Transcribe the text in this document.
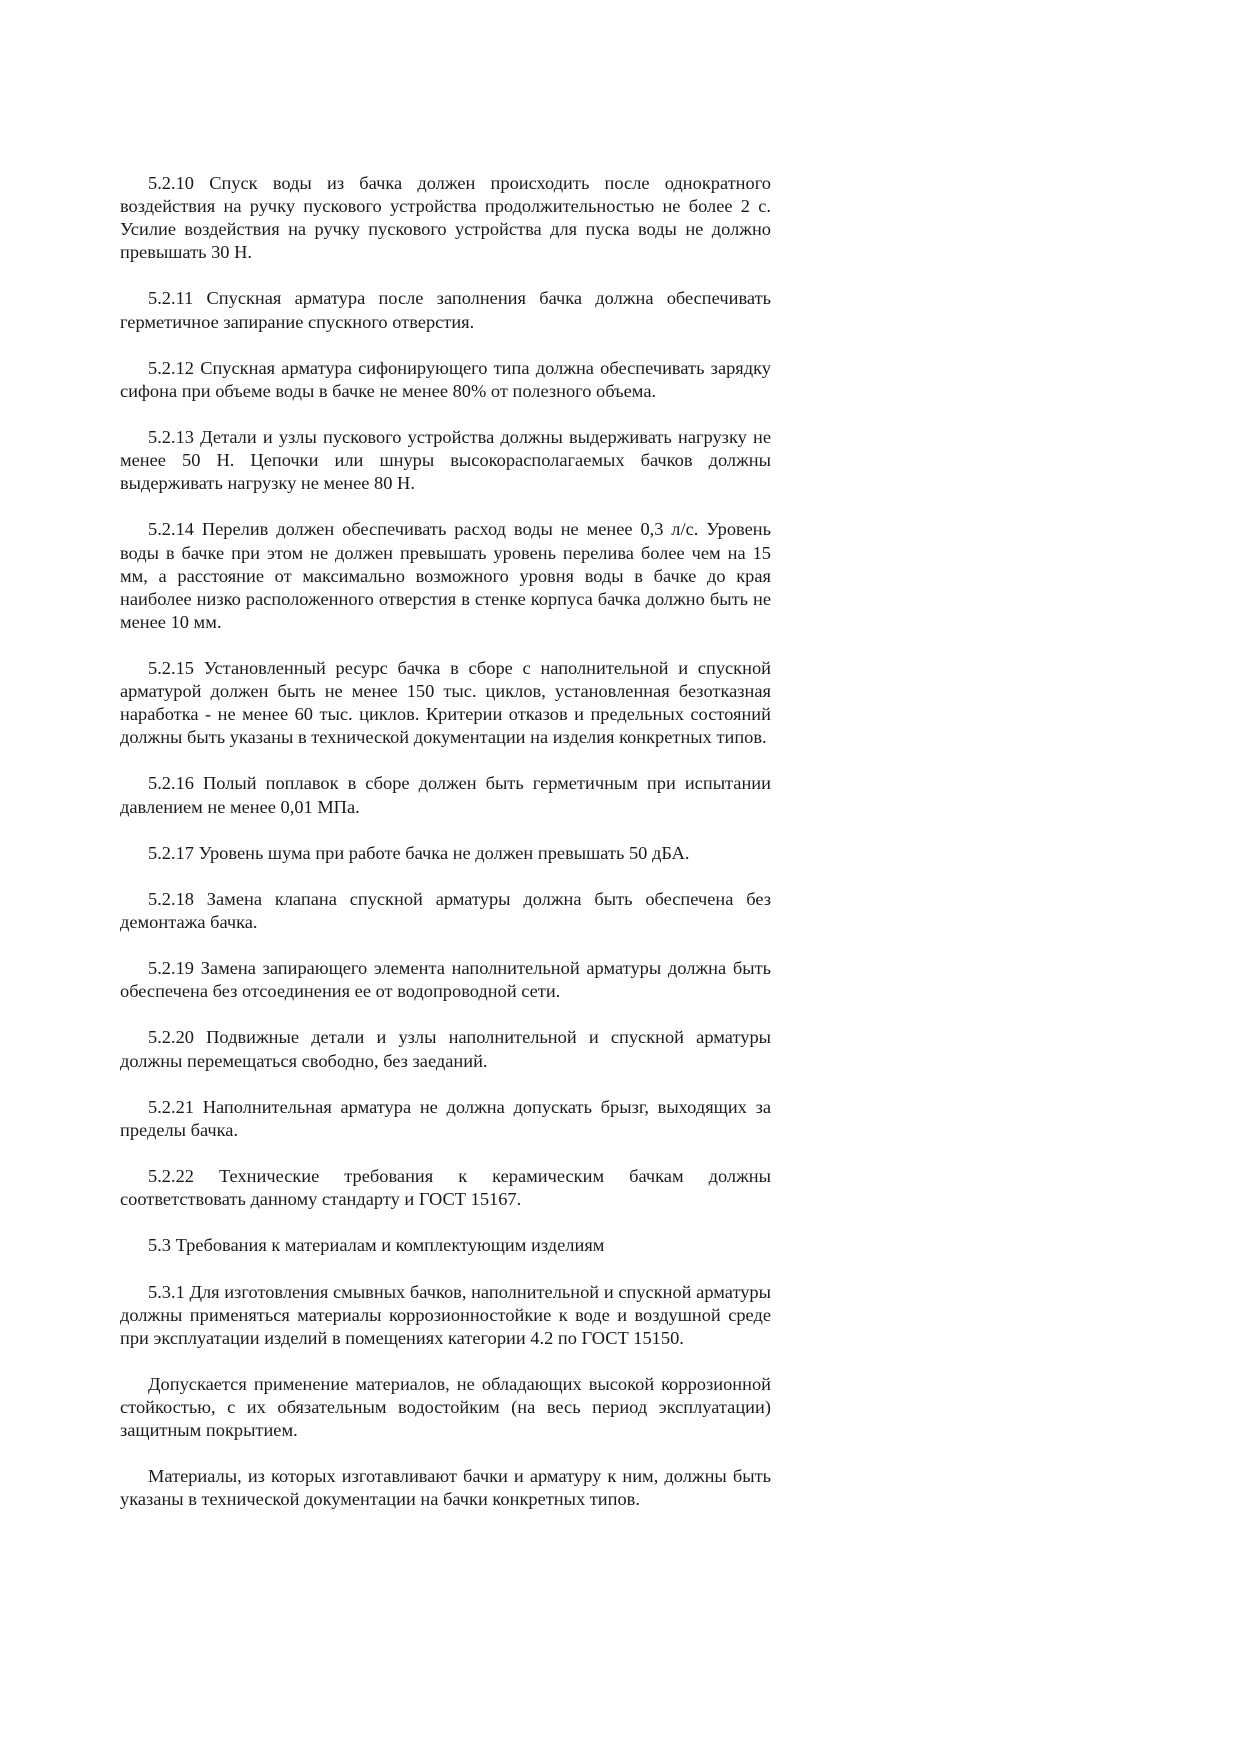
5.2.10 Спуск воды из бачка должен происходить после однократного воздействия на ручку пускового устройства продолжительностью не более 2 с. Усилие воздействия на ручку пускового устройства для пуска воды не должно превышать 30 Н.

5.2.11 Спускная арматура после заполнения бачка должна обеспечивать герметичное запирание спускного отверстия.

5.2.12 Спускная арматура сифонирующего типа должна обеспечивать зарядку сифона при объеме воды в бачке не менее 80% от полезного объема.

5.2.13 Детали и узлы пускового устройства должны выдерживать нагрузку не менее 50 Н. Цепочки или шнуры высокорасполагаемых бачков должны выдерживать нагрузку не менее 80 Н.

5.2.14 Перелив должен обеспечивать расход воды не менее 0,3 л/с. Уровень воды в бачке при этом не должен превышать уровень перелива более чем на 15 мм, а расстояние от максимально возможного уровня воды в бачке до края наиболее низко расположенного отверстия в стенке корпуса бачка должно быть не менее 10 мм.

5.2.15 Установленный ресурс бачка в сборе с наполнительной и спускной арматурой должен быть не менее 150 тыс. циклов, установленная безотказная наработка - не менее 60 тыс. циклов. Критерии отказов и предельных состояний должны быть указаны в технической документации на изделия конкретных типов.

5.2.16 Полый поплавок в сборе должен быть герметичным при испытании давлением не менее 0,01 МПа.

5.2.17 Уровень шума при работе бачка не должен превышать 50 дБА.

5.2.18 Замена клапана спускной арматуры должна быть обеспечена без демонтажа бачка.

5.2.19 Замена запирающего элемента наполнительной арматуры должна быть обеспечена без отсоединения ее от водопроводной сети.

5.2.20 Подвижные детали и узлы наполнительной и спускной арматуры должны перемещаться свободно, без заеданий.

5.2.21 Наполнительная арматура не должна допускать брызг, выходящих за пределы бачка.

5.2.22 Технические требования к керамическим бачкам должны соответствовать данному стандарту и ГОСТ 15167.

5.3 Требования к материалам и комплектующим изделиям

5.3.1 Для изготовления смывных бачков, наполнительной и спускной арматуры должны применяться материалы коррозионностойкие к воде и воздушной среде при эксплуатации изделий в помещениях категории 4.2 по ГОСТ 15150.

Допускается применение материалов, не обладающих высокой коррозионной стойкостью, с их обязательным водостойким (на весь период эксплуатации) защитным покрытием.

Материалы, из которых изготавливают бачки и арматуру к ним, должны быть указаны в технической документации на бачки конкретных типов.
